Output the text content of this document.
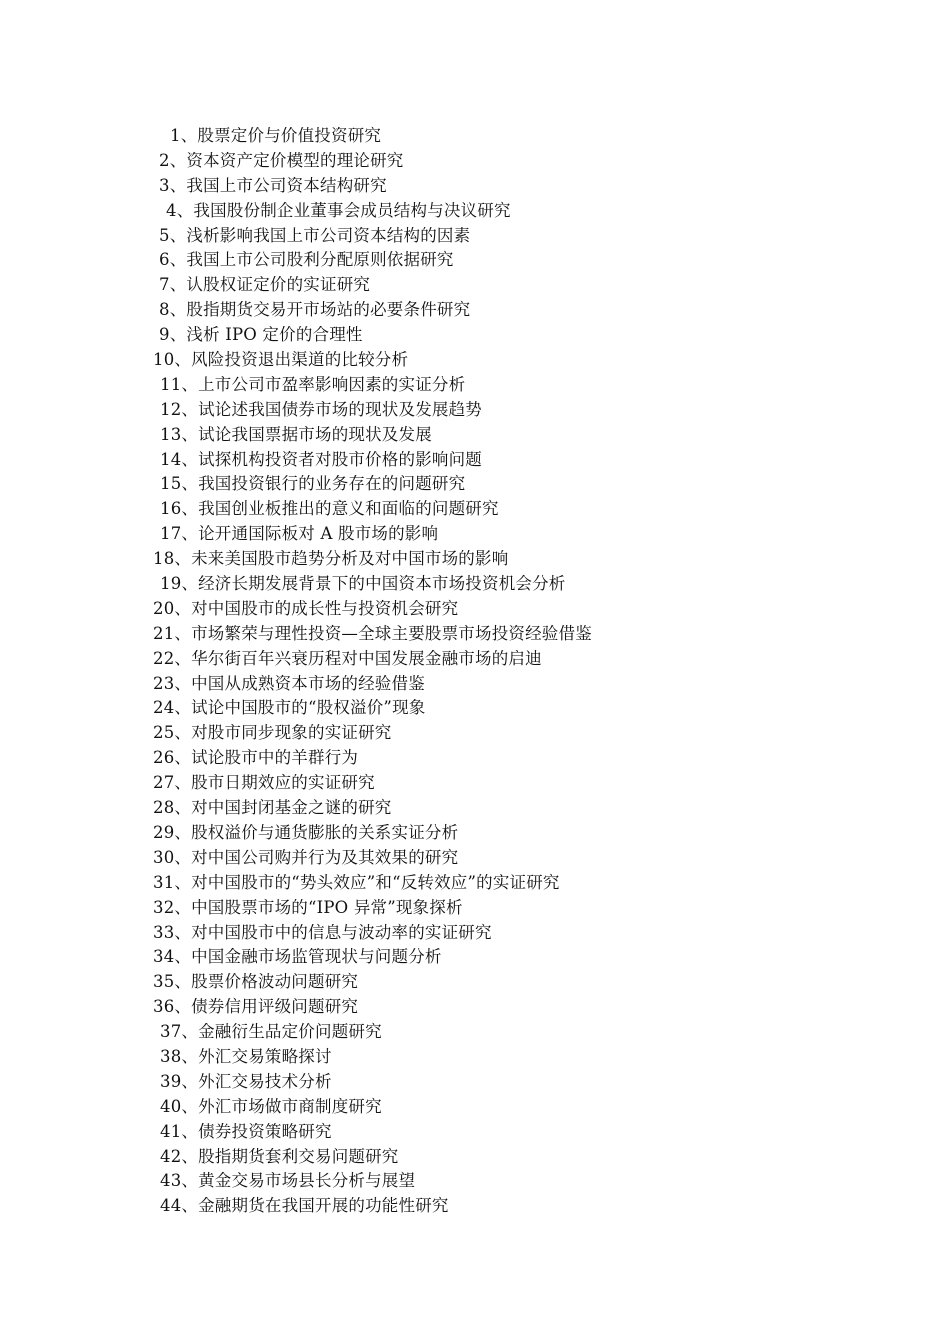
1、股票定价与价值投资研究
2、资本资产定价模型的理论研究
3、我国上市公司资本结构研究
4、我国股份制企业董事会成员结构与决议研究
5、浅析影响我国上市公司资本结构的因素
6、我国上市公司股利分配原则依据研究
7、认股权证定价的实证研究
8、股指期货交易开市场站的必要条件研究
9、浅析 IPO 定价的合理性
10、风险投资退出渠道的比较分析
11、上市公司市盈率影响因素的实证分析
12、试论述我国债券市场的现状及发展趋势
13、试论我国票据市场的现状及发展
14、试探机构投资者对股市价格的影响问题
15、我国投资银行的业务存在的问题研究
16、我国创业板推出的意义和面临的问题研究
17、论开通国际板对 A 股市场的影响
18、未来美国股市趋势分析及对中国市场的影响
19、经济长期发展背景下的中国资本市场投资机会分析
20、对中国股市的成长性与投资机会研究
21、市场繁荣与理性投资—全球主要股票市场投资经验借鉴
22、华尔街百年兴衰历程对中国发展金融市场的启迪
23、中国从成熟资本市场的经验借鉴
24、试论中国股市的“股权溢价”现象
25、对股市同步现象的实证研究
26、试论股市中的羊群行为
27、股市日期效应的实证研究
28、对中国封闭基金之谜的研究
29、股权溢价与通货膨胀的关系实证分析
30、对中国公司购并行为及其效果的研究
31、对中国股市的“势头效应”和“反转效应”的实证研究
32、中国股票市场的“IPO 异常”现象探析
33、对中国股市中的信息与波动率的实证研究
34、中国金融市场监管现状与问题分析
35、股票价格波动问题研究
36、债券信用评级问题研究
37、金融衍生品定价问题研究
38、外汇交易策略探讨
39、外汇交易技术分析
40、外汇市场做市商制度研究
41、债券投资策略研究
42、股指期货套利交易问题研究
43、黄金交易市场县长分析与展望
44、金融期货在我国开展的功能性研究
